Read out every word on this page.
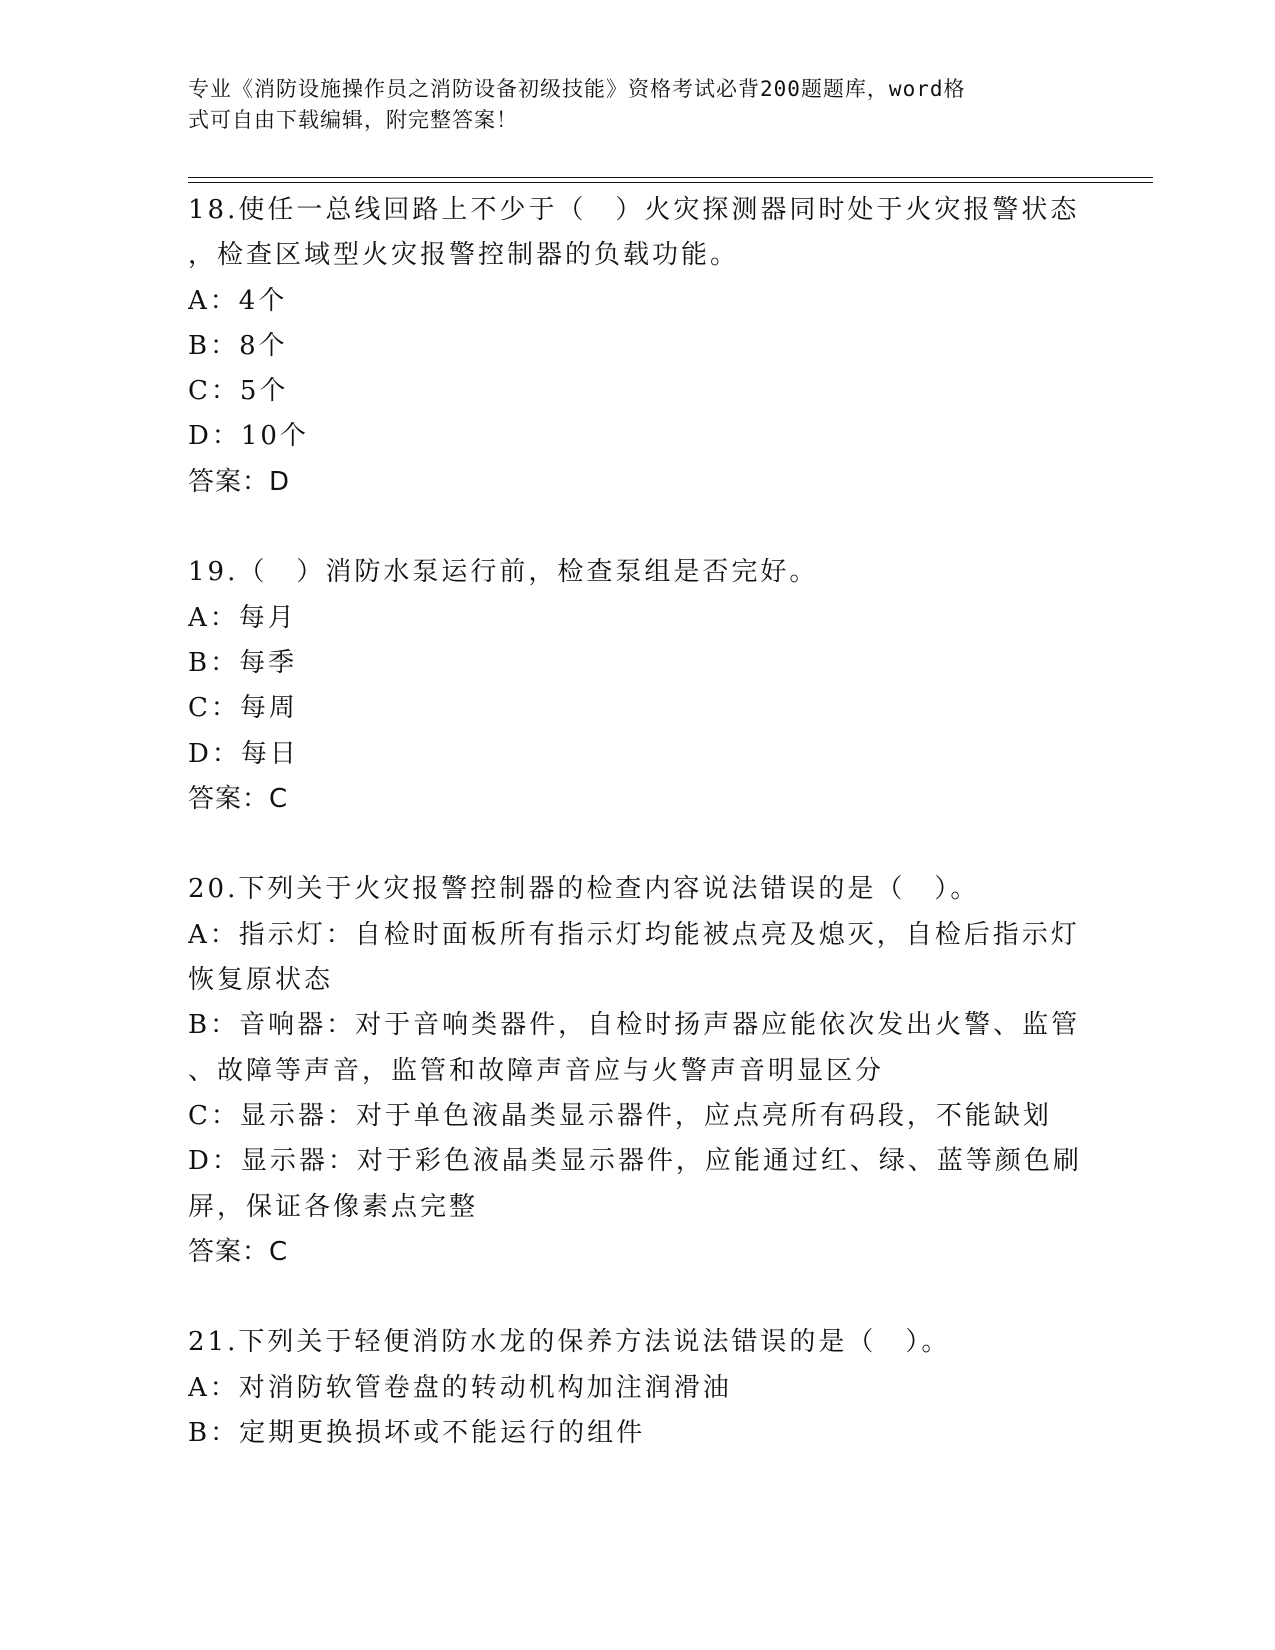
专业《消防设施操作员之消防设备初级技能》资格考试必背200题题库，word格
式可自由下载编辑，附完整答案！
18.使任一总线回路上不少于（　）火灾探测器同时处于火灾报警状态
，检查区域型火灾报警控制器的负载功能。
A：4个
B：8个
C：5个
D：10个
答案：D
19.（　）消防水泵运行前，检查泵组是否完好。
A：每月
B：每季
C：每周
D：每日
答案：C
20.下列关于火灾报警控制器的检查内容说法错误的是（　）。
A：指示灯：自检时面板所有指示灯均能被点亮及熄灭，自检后指示灯
恢复原状态
B：音响器：对于音响类器件，自检时扬声器应能依次发出火警、监管
、故障等声音，监管和故障声音应与火警声音明显区分
C：显示器：对于单色液晶类显示器件，应点亮所有码段，不能缺划
D：显示器：对于彩色液晶类显示器件，应能通过红、绿、蓝等颜色刷
屏，保证各像素点完整
答案：C
21.下列关于轻便消防水龙的保养方法说法错误的是（　）。
A：对消防软管卷盘的转动机构加注润滑油
B：定期更换损坏或不能运行的组件
